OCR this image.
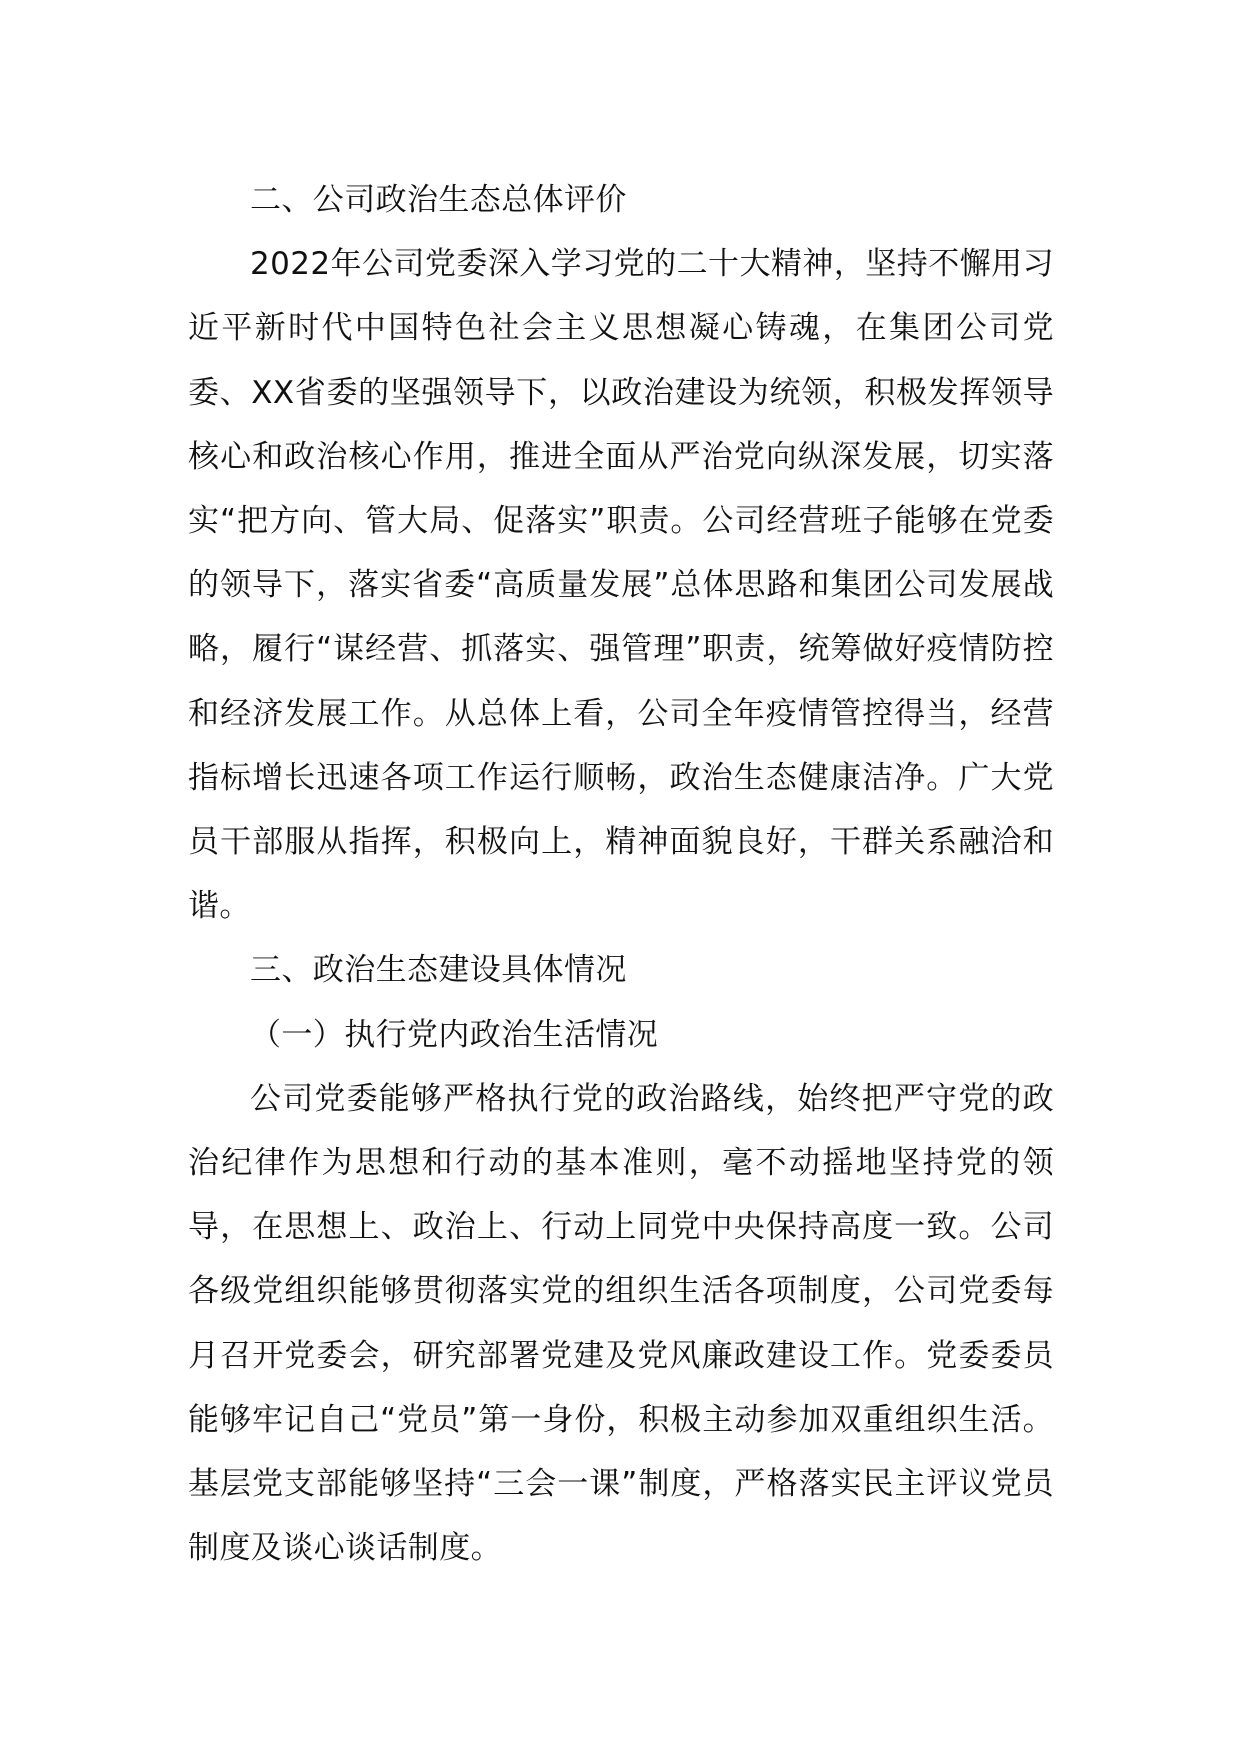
二、公司政治生态总体评价

2022年公司党委深入学习党的二十大精神，坚持不懈用习近平新时代中国特色社会主义思想凝心铸魂，在集团公司党委、XX省委的坚强领导下，以政治建设为统领，积极发挥领导核心和政治核心作用，推进全面从严治党向纵深发展，切实落实“把方向、管大局、促落实”职责。公司经营班子能够在党委的领导下，落实省委“高质量发展”总体思路和集团公司发展战略，履行“谋经营、抓落实、强管理”职责，统筹做好疫情防控和经济发展工作。从总体上看，公司全年疫情管控得当，经营指标增长迅速各项工作运行顺畅，政治生态健康洁净。广大党员干部服从指挥，积极向上，精神面貌良好，干群关系融洽和谐。

三、政治生态建设具体情况

（一）执行党内政治生活情况

公司党委能够严格执行党的政治路线，始终把严守党的政治纪律作为思想和行动的基本准则，毫不动摇地坚持党的领导，在思想上、政治上、行动上同党中央保持高度一致。公司各级党组织能够贯彻落实党的组织生活各项制度，公司党委每月召开党委会，研究部署党建及党风廉政建设工作。党委委员能够牢记自己“党员”第一身份，积极主动参加双重组织生活。基层党支部能够坚持“三会一课”制度，严格落实民主评议党员制度及谈心谈话制度。
